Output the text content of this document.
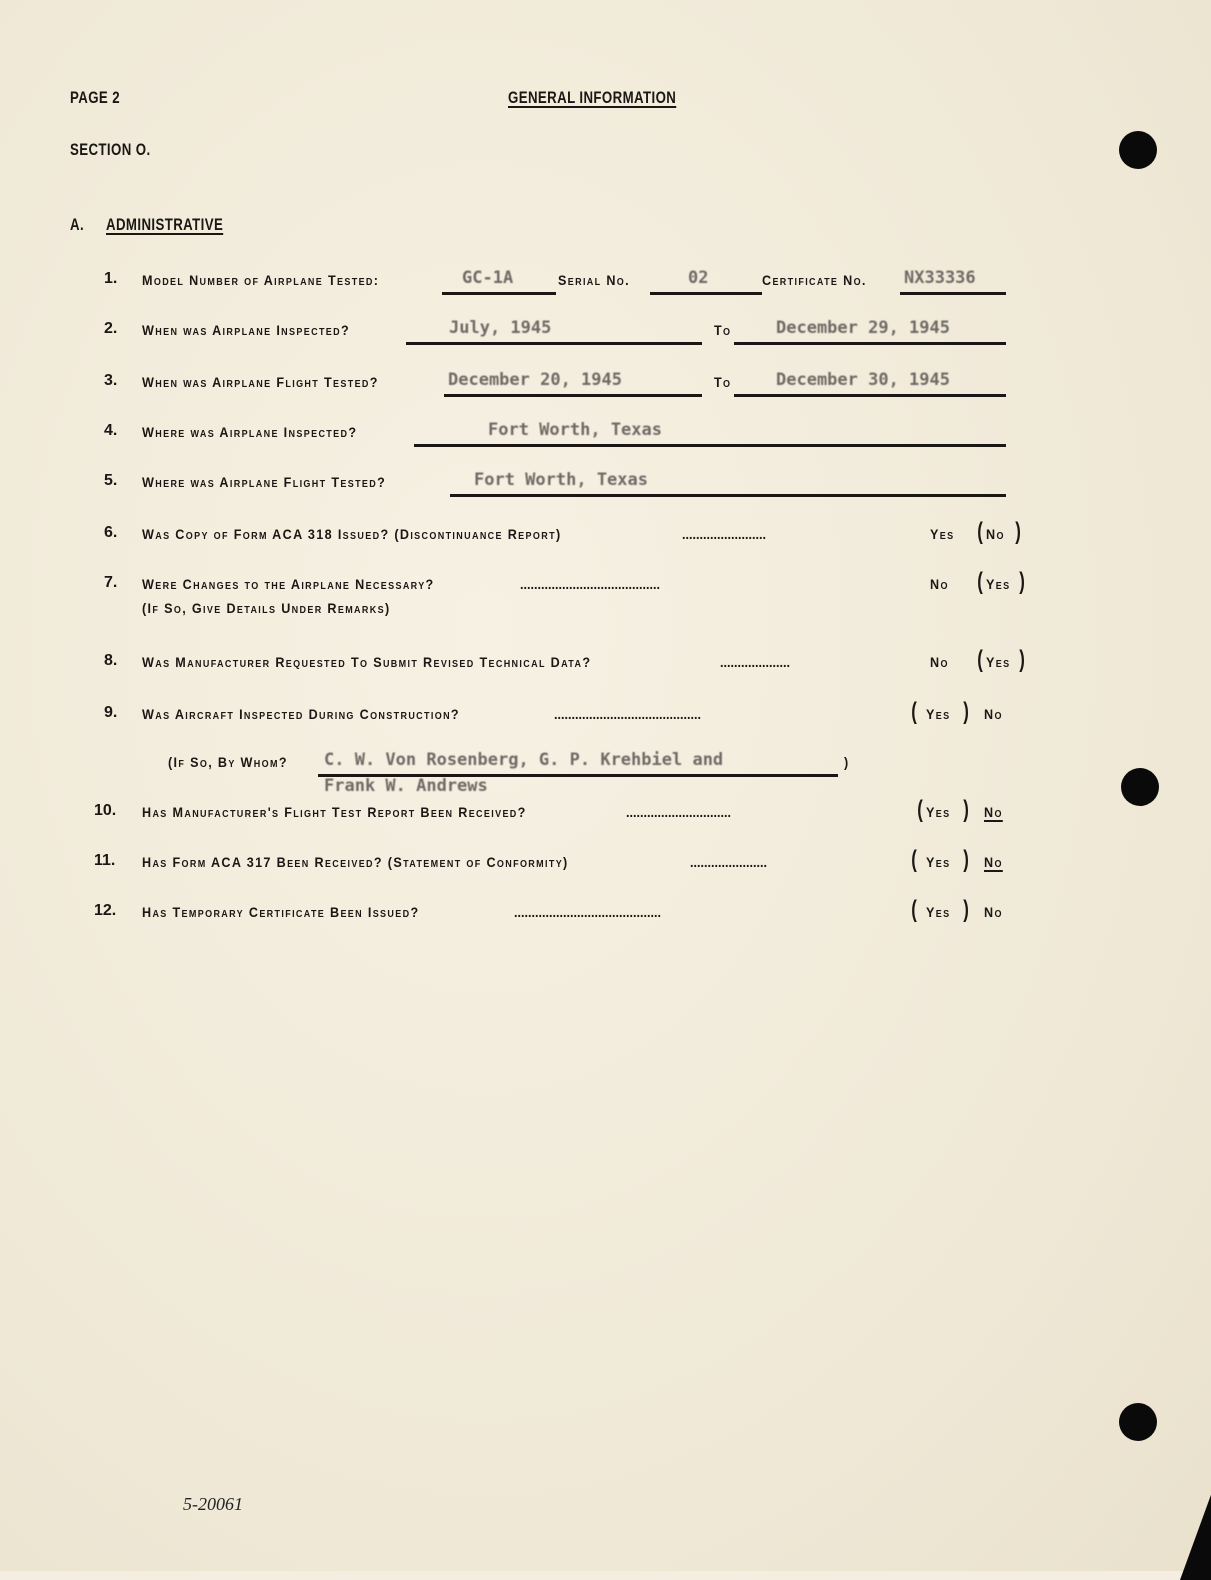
PAGE 2	GENERAL INFORMATION
SECTION O.
A. ADMINISTRATIVE
1. Model Number of Airplane Tested:	GC-1A	Serial No.	02	Certificate No. NX33336
2. When was Airplane Inspected?	July, 1945	To	December 29, 1945
3. When was Airplane Flight Tested?	December 20, 1945	To	December 30, 1945
4. Where was Airplane Inspected?	Fort Worth, Texas
5. Where was Airplane Flight Tested?	Fort Worth, Texas
6. Was Copy of Form ACA 318 Issued? (Discontinuance Report)	........................	Yes ( No )
7. Were Changes to the Airplane Necessary?	........................................	No ( Yes )
(If So, Give Details Under Remarks)
8. Was Manufacturer Requested To Submit Revised Technical Data?	....................	No ( Yes )
9. Was Aircraft Inspected During Construction?	..........................................	( Yes ) No
(If So, By Whom? C. W. Von Rosenberg, G. P. Krehbiel and	)
Frank W. Andrews
10. Has Manufacturer's Flight Test Report Been Received?	..............................	( Yes ) No
11. Has Form ACA 317 Been Received? (Statement of Conformity)	......................	( Yes ) No
12. Has Temporary Certificate Been Issued?	..........................................	( Yes ) No
5-20061
